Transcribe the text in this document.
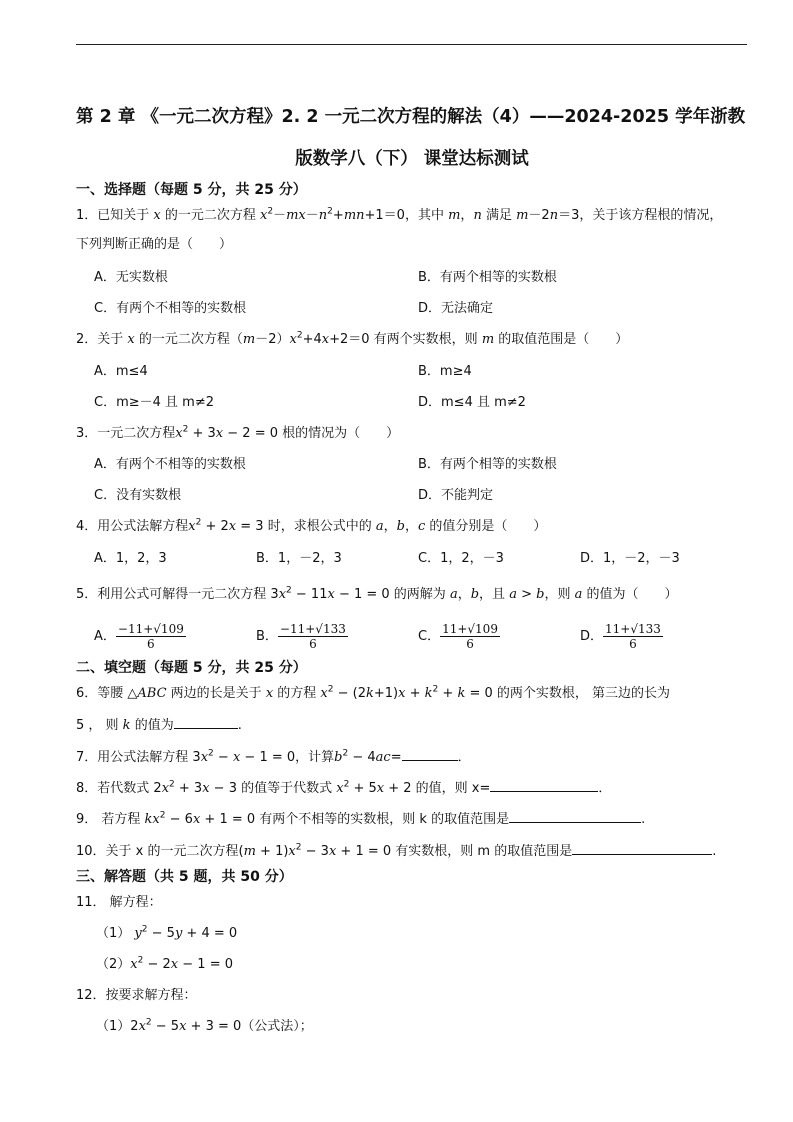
第 2 章 《一元二次方程》2. 2 一元二次方程的解法（4）——2024-2025 学年浙教
版数学八（下） 课堂达标测试
一、选择题（每题 5 分，共 25 分）
1．已知关于 x 的一元二次方程 $x^2-mx-n^2+mn+1=0$，其中 m，n 满足 m－2n＝3，关于该方程根的情况，
下列判断正确的是（　　）
A．无实数根	B．有两个相等的实数根
C．有两个不相等的实数根	D．无法确定
2．关于 x 的一元二次方程$(m-2)x^2+4x+2=0$ 有两个实数根，则 m 的取值范围是（　　）
A．m≤4	B．m≥4
C．m≥－4 且 m≠2	D．m≤4 且 m≠2
3．一元二次方程$x^2 + 3x - 2 = 0$ 根的情况为（　　）
A．有两个不相等的实数根	B．有两个相等的实数根
C．没有实数根	D．不能判定
4．用公式法解方程$x^2 + 2x = 3$ 时，求根公式中的 a，b，c 的值分别是（　　）
A．1，2，3	B．1，－2，3	C．1，2，－3	D．1，－2，－3
5．利用公式可解得一元二次方程 $3x^2 - 11x - 1 = 0$ 的两解为 a，b，且 a > b，则 a 的值为（　　）
A． $\frac{-11+√109}{6}$	B． $\frac{-11+√133}{6}$	C． $\frac{11+√109}{6}$	D． $\frac{11+√133}{6}$
二、填空题（每题 5 分，共 25 分）
6．等腰 △ABC 两边的长是关于 x 的方程 $x^2 - (2k+1)x + k^2 + k = 0$ 的两个实数根， 第三边的长为
5 ， 则 k 的值为	.
7．用公式法解方程 $3x^2 - x - 1 = 0$，计算$b^2 - 4ac=$	．
8．若代数式 $2x^2 + 3x - 3$ 的值等于代数式 $x^2 + 5x + 2$ 的值，则 x=	．
9． 若方程 $kx^2 - 6x + 1 = 0$ 有两个不相等的实数根，则 k 的取值范围是	.
10．关于 x 的一元二次方程$(m + 1)x^2 - 3x + 1 = 0$ 有实数根，则 m 的取值范围是	.
三、解答题（共 5 题，共 50 分）
11． 解方程：
（1） $y^2 - 5y + 4 = 0$
$(2)x^2 - 2x - 1 = 0$
12．按要求解方程：
$(1)2x^2 - 5x + 3 = 0$（公式法）；
